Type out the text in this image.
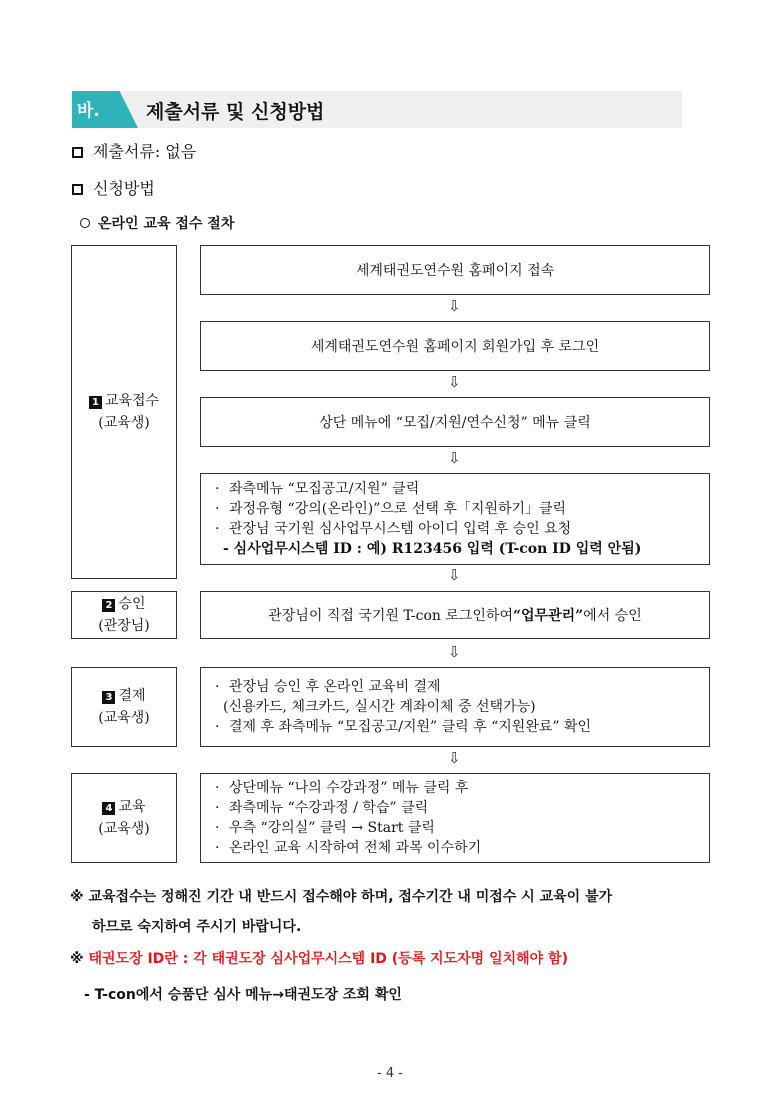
바. 제출서류 및 신청방법
제출서류: 없음
신청방법
온라인 교육 접수 절차
1 교육접수
(교육생)
2 승인
(관장님)
3 결제
(교육생)
4 교육
(교육생)
세계태권도연수원 홈페이지 접속
⇩
세계태권도연수원 홈페이지 회원가입 후 로그인
⇩
상단 메뉴에 “모집/지원/연수신청” 메뉴 클릭
⇩
· 좌측메뉴 “모집공고/지원” 클릭
· 과정유형 “강의(온라인)”으로 선택 후「지원하기」클릭
· 관장님 국기원 심사업무시스템 아이디 입력 후 승인 요청
- 심사업무시스템 ID : 예) R123456 입력 (T-con ID 입력 안됨)
⇩
관장님이 직접 국기원 T-con 로그인하여 “업무관리” 에서 승인
⇩
· 관장님 승인 후 온라인 교육비 결제
(신용카드, 체크카드, 실시간 계좌이체 중 선택가능)
· 결제 후 좌측메뉴 “모집공고/지원” 클릭 후 “지원완료” 확인
⇩
· 상단메뉴 “나의 수강과정” 메뉴 클릭 후
· 좌측메뉴 “수강과정 / 학습” 클릭
· 우측 “강의실” 클릭 → Start 클릭
· 온라인 교육 시작하여 전체 과목 이수하기
※ 교육접수는 정해진 기간 내 반드시 접수해야 하며, 접수기간 내 미접수 시 교육이 불가
하므로 숙지하여 주시기 바랍니다.
※ 태권도장 ID란 : 각 태권도장 심사업무시스템 ID (등록 지도자명 일치해야 함)
- T-con에서 승품단 심사 메뉴→태권도장 조회 확인
- 4 -
